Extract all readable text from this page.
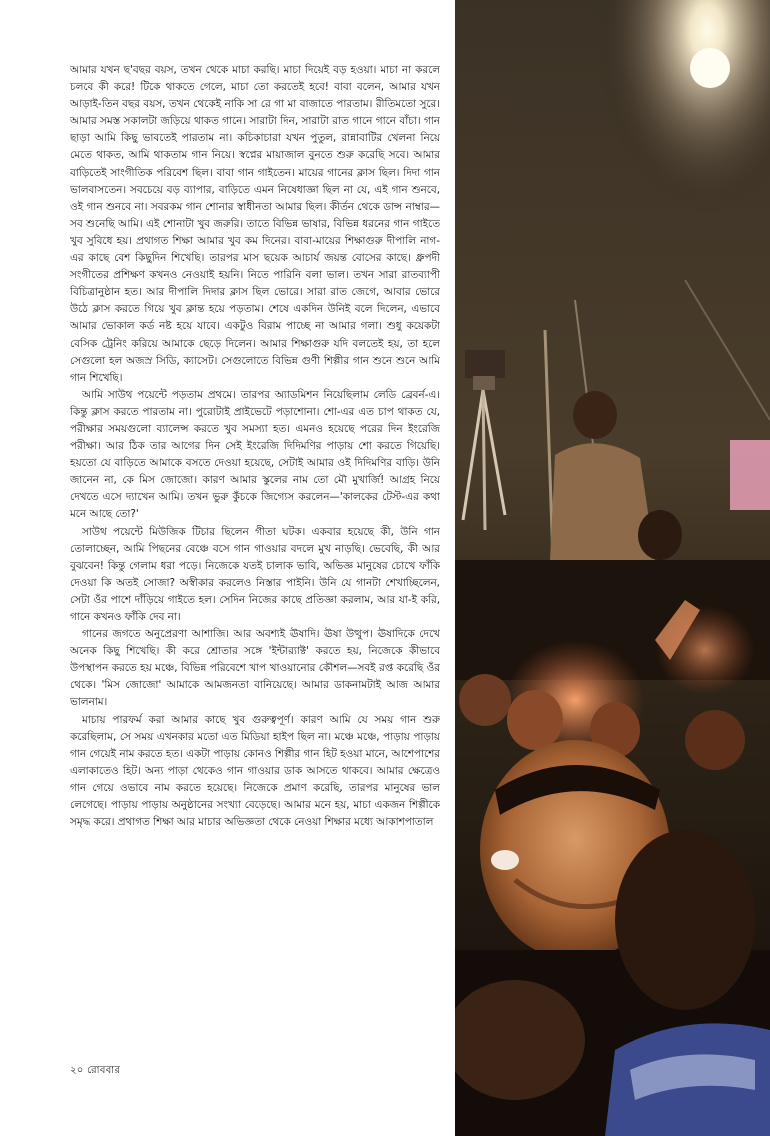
আমার যখন ছ'বছর বয়স, তখন থেকে মাচা করছি। মাচা দিয়েই বড় হওয়া। মাচা না করলে চলবে কী করে! টিকে থাকতে গেলে, মাচা তো করতেই হবে! বাবা বলেন, আমার যখন আড়াই-তিন বছর বয়স, তখন থেকেই নাকি সা রে গা মা বাজাতে পারতাম। রীতিমতো সুরে। আমার সমস্ত সকালটা জড়িয়ে থাকত গানে। সারাটা দিন, সারাটা রাত গানে গানে বাঁচা। গান ছাড়া আমি কিছু ভাবতেই পারতাম না। কচিকাচারা যখন পুতুল, রান্নাবাটির খেলনা নিয়ে মেতে থাকত, আমি থাকতাম গান নিয়ে। স্বপ্নের মায়াজাল বুনতে শুরু করেছি সবে। আমার বাড়িতেই সাংগীতিক পরিবেশ ছিল। বাবা গান গাইতেন। মায়ের গানের ক্লাস ছিল। দিদা গান ভালবাসতেন। সবচেয়ে বড় ব্যাপার, বাড়িতে এমন নিষেধাজ্ঞা ছিল না যে, এই গান শুনবে, ওই গান শুনবে না। সবরকম গান শোনার স্বাধীনতা আমার ছিল। কীর্তন থেকে ডান্স নাম্বার—সব শুনেছি আমি। এই শোনাটা খুব জরুরি। তাতে বিভিন্ন ভাষার, বিভিন্ন ধরনের গান গাইতে খুব সুবিধে হয়। প্রথাগত শিক্ষা আমার খুব কম দিনের। বাবা-মায়ের শিক্ষাগুরু দীপালি নাগ-এর কাছে বেশ কিছুদিন শিখেছি। তারপর মাস ছয়েক আচার্য জয়ন্ত বোসের কাছে। ধ্রুপদী সংগীতের প্রশিক্ষণ কখনও নেওয়াই হয়নি। নিতে পারিনি বলা ভাল। তখন সারা রাতব্যাপী বিচিত্রানুষ্ঠান হত। আর দীপালি দিদার ক্লাস ছিল ভোরে। সারা রাত জেগে, আবার ভোরে উঠে ক্লাস করতে গিয়ে খুব ক্লান্ত হয়ে পড়তাম। শেষে একদিন উনিই বলে দিলেন, এভাবে আমার ভোকাল কর্ড নষ্ট হয়ে যাবে। একটুও বিরাম পাচ্ছে না আমার গলা। শুধু কয়েকটা বেসিক ট্রেনিং করিয়ে আমাকে ছেড়ে দিলেন। আমার শিক্ষাগুরু যদি বলতেই হয়, তা হলে সেগুলো হল অজস্র সিডি, ক্যাসেট। সেগুলোতে বিভিন্ন গুণী শিল্পীর গান শুনে শুনে আমি গান শিখেছি।

আমি সাউথ পয়েন্টে পড়তাম প্রথমে। তারপর অ্যাডমিশন নিয়েছিলাম লেডি ব্রেবর্ন-এ। কিন্তু ক্লাস করতে পারতাম না। পুরোটাই প্রাইভেটে পড়াশোনা। শো-এর এত চাপ থাকত যে, পরীক্ষার সময়গুলো ব্যালেন্স করতে খুব সমস্যা হত। এমনও হয়েছে পরের দিন ইংরেজি পরীক্ষা। আর ঠিক তার আগের দিন সেই ইংরেজি দিদিমণির পাড়ায় শো করতে গিয়েছি। হয়তো যে বাড়িতে আমাকে বসতে দেওয়া হয়েছে, সেটাই আমার ওই দিদিমণির বাড়ি। উনি জানেন না, কে মিস জোজো। কারণ আমার স্কুলের নাম তো মৌ মুখার্জি! আগ্রহ নিয়ে দেখতে এসে দ্যাখেন আমি। তখন ভুরু কুঁচকে জিগ্যেস করলেন—'কালকের টেস্ট-এর কথা মনে আছে তো?'

সাউথ পয়েন্টে মিউজিক টিচার ছিলেন গীতা ঘটক। একবার হয়েছে কী, উনি গান তোলাচ্ছেন, আমি পিছনের বেঞ্চে বসে গান গাওয়ার বদলে মুখ নাড়ছি। ভেবেছি, কী আর বুঝবেন! কিন্তু গেলাম ধরা পড়ে। নিজেকে যতই চালাক ভাবি, অভিজ্ঞ মানুষের চোখে ফাঁকি দেওয়া কি অতই সোজা? অস্বীকার করলেও নিস্তার পাইনি। উনি যে গানটা শেখাচ্ছিলেন, সেটা ওঁর পাশে দাঁড়িয়ে গাইতে হল। সেদিন নিজের কাছে প্রতিজ্ঞা করলাম, আর যা-ই করি, গানে কখনও ফাঁকি দেব না।

গানের জগতে অনুপ্রেরণা আশাজি। আর অবশ্যই ঊষাদি। ঊষা উত্থুপ। ঊষাদিকে দেখে অনেক কিছু শিখেছি। কী করে শ্রোতার সঙ্গে 'ইন্টার‍্যাক্ট' করতে হয়, নিজেকে কীভাবে উপস্থাপন করতে হয় মঞ্চে, বিভিন্ন পরিবেশে খাপ খাওয়ানোর কৌশল—সবই রপ্ত করেছি ওঁর থেকে। 'মিস জোজো' আমাকে আমজনতা বানিয়েছে। আমার ডাকনামটাই আজ আমার ভালনাম।

মাচায় পারফর্ম করা আমার কাছে খুব গুরুত্বপূর্ণ। কারণ আমি যে সময় গান শুরু করেছিলাম, সে সময় এখনকার মতো এত মিডিয়া হাইপ ছিল না। মঞ্চে মঞ্চে, পাড়ায় পাড়ায় গান গেয়েই নাম করতে হত। একটা পাড়ায় কোনও শিল্পীর গান হিট হওয়া মানে, আশেপাশের এলাকাতেও হিট। অন্য পাড়া থেকেও গান গাওয়ার ডাক আসতে থাকবে। আমার ক্ষেত্রেও গান গেয়ে ওভাবে নাম করতে হয়েছে। নিজেকে প্রমাণ করেছি, তারপর মানুষের ভাল লেগেছে। পাড়ায় পাড়ায় অনুষ্ঠানের সংখ্যা বেড়েছে। আমার মনে হয়, মাচা একজন শিল্পীকে সমৃদ্ধ করে। প্রথাগত শিক্ষা আর মাচার অভিজ্ঞতা থেকে নেওয়া শিক্ষার মধ্যে আকাশপাতাল

২০ রোববার
